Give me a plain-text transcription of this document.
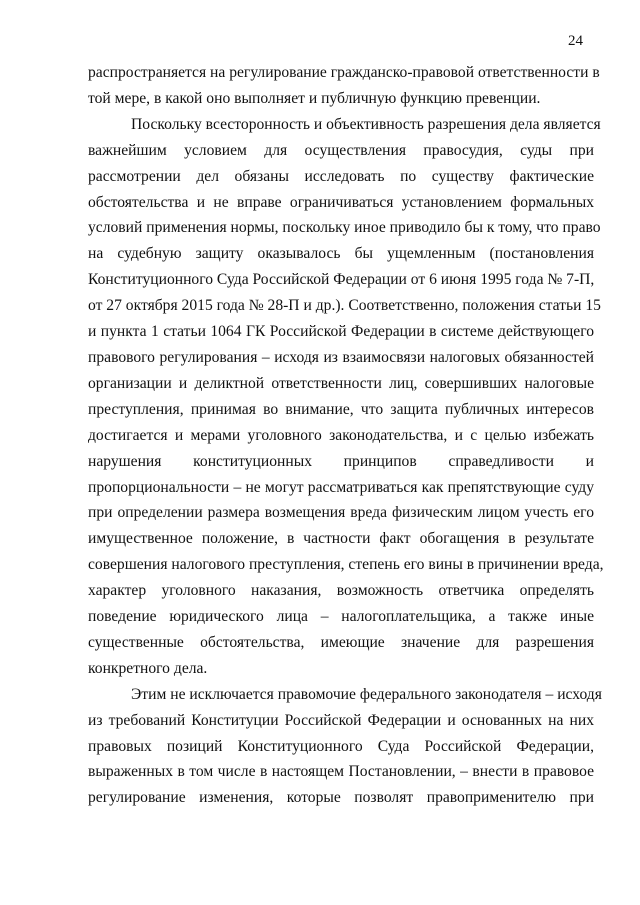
24

распространяется на регулирование гражданско-правовой ответственности в
той мере, в какой оно выполняет и публичную функцию превенции.

Поскольку всесторонность и объективность разрешения дела является
важнейшим условием для осуществления правосудия, суды при
рассмотрении дел обязаны исследовать по существу фактические
обстоятельства и не вправе ограничиваться установлением формальных
условий применения нормы, поскольку иное приводило бы к тому, что право
на судебную защиту оказывалось бы ущемленным (постановления
Конституционного Суда Российской Федерации от 6 июня 1995 года № 7-П,
от 27 октября 2015 года № 28-П и др.). Соответственно, положения статьи 15
и пункта 1 статьи 1064 ГК Российской Федерации в системе действующего
правового регулирования – исходя из взаимосвязи налоговых обязанностей
организации и деликтной ответственности лиц, совершивших налоговые
преступления, принимая во внимание, что защита публичных интересов
достигается и мерами уголовного законодательства, и с целью избежать
нарушения конституционных принципов справедливости и
пропорциональности – не могут рассматриваться как препятствующие суду
при определении размера возмещения вреда физическим лицом учесть его
имущественное положение, в частности факт обогащения в результате
совершения налогового преступления, степень его вины в причинении вреда,
характер уголовного наказания, возможность ответчика определять
поведение юридического лица – налогоплательщика, а также иные
существенные обстоятельства, имеющие значение для разрешения
конкретного дела.

Этим не исключается правомочие федерального законодателя – исходя
из требований Конституции Российской Федерации и основанных на них
правовых позиций Конституционного Суда Российской Федерации,
выраженных в том числе в настоящем Постановлении, – внести в правовое
регулирование изменения, которые позволят правоприменителю при
